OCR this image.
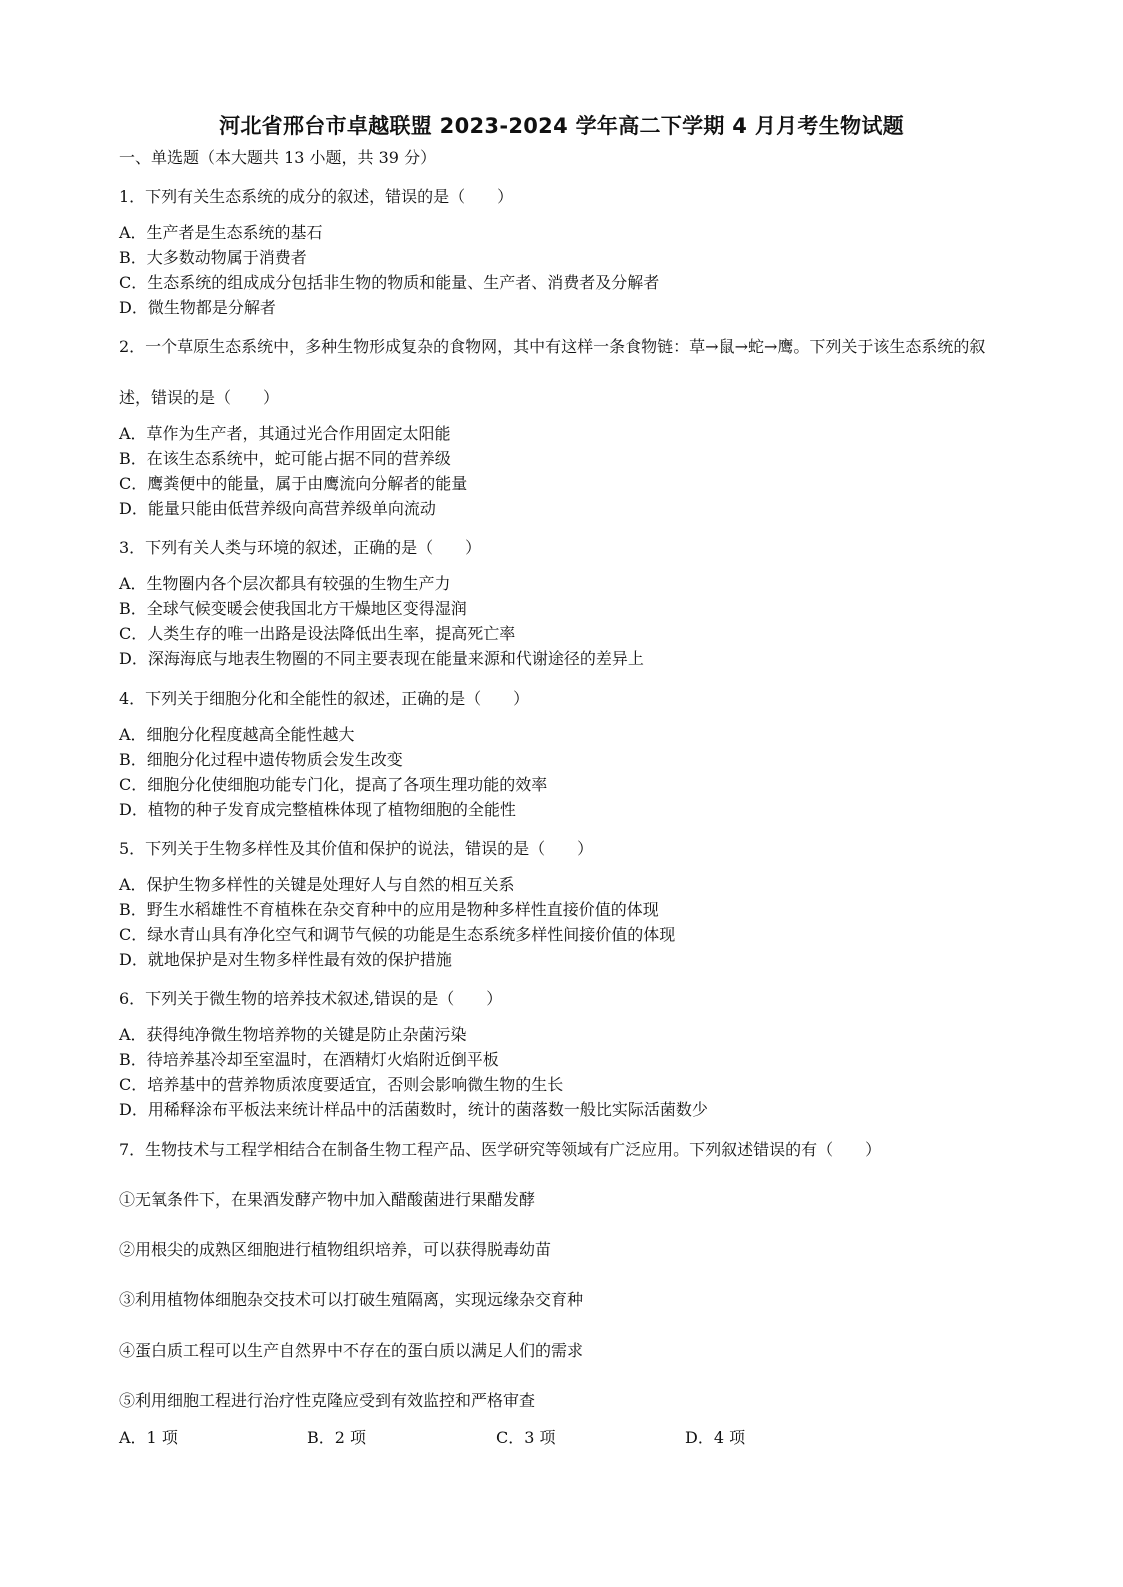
河北省邢台市卓越联盟 2023-2024 学年高二下学期 4 月月考生物试题
一、单选题（本大题共 13 小题，共 39 分）
1．下列有关生态系统的成分的叙述，错误的是（　　）
A．生产者是生态系统的基石
B．大多数动物属于消费者
C．生态系统的组成成分包括非生物的物质和能量、生产者、消费者及分解者
D．微生物都是分解者
2．一个草原生态系统中，多种生物形成复杂的食物网，其中有这样一条食物链：草→鼠→蛇→鹰。下列关于该生态系统的叙
述，错误的是（　　）
A．草作为生产者，其通过光合作用固定太阳能
B．在该生态系统中，蛇可能占据不同的营养级
C．鹰粪便中的能量，属于由鹰流向分解者的能量
D．能量只能由低营养级向高营养级单向流动
3．下列有关人类与环境的叙述，正确的是（　　）
A．生物圈内各个层次都具有较强的生物生产力
B．全球气候变暖会使我国北方干燥地区变得湿润
C．人类生存的唯一出路是设法降低出生率，提高死亡率
D．深海海底与地表生物圈的不同主要表现在能量来源和代谢途径的差异上
4．下列关于细胞分化和全能性的叙述，正确的是（　　）
A．细胞分化程度越高全能性越大
B．细胞分化过程中遗传物质会发生改变
C．细胞分化使细胞功能专门化，提高了各项生理功能的效率
D．植物的种子发育成完整植株体现了植物细胞的全能性
5．下列关于生物多样性及其价值和保护的说法，错误的是（　　）
A．保护生物多样性的关键是处理好人与自然的相互关系
B．野生水稻雄性不育植株在杂交育种中的应用是物种多样性直接价值的体现
C．绿水青山具有净化空气和调节气候的功能是生态系统多样性间接价值的体现
D．就地保护是对生物多样性最有效的保护措施
6．下列关于微生物的培养技术叙述,错误的是（　　）
A．获得纯净微生物培养物的关键是防止杂菌污染
B．待培养基冷却至室温时，在酒精灯火焰附近倒平板
C．培养基中的营养物质浓度要适宜，否则会影响微生物的生长
D．用稀释涂布平板法来统计样品中的活菌数时，统计的菌落数一般比实际活菌数少
7．生物技术与工程学相结合在制备生物工程产品、医学研究等领域有广泛应用。下列叙述错误的有（　　）
①无氧条件下，在果酒发酵产物中加入醋酸菌进行果醋发酵
②用根尖的成熟区细胞进行植物组织培养，可以获得脱毒幼苗
③利用植物体细胞杂交技术可以打破生殖隔离，实现远缘杂交育种
④蛋白质工程可以生产自然界中不存在的蛋白质以满足人们的需求
⑤利用细胞工程进行治疗性克隆应受到有效监控和严格审查
A．1 项	B．2 项	C．3 项	D．4 项
